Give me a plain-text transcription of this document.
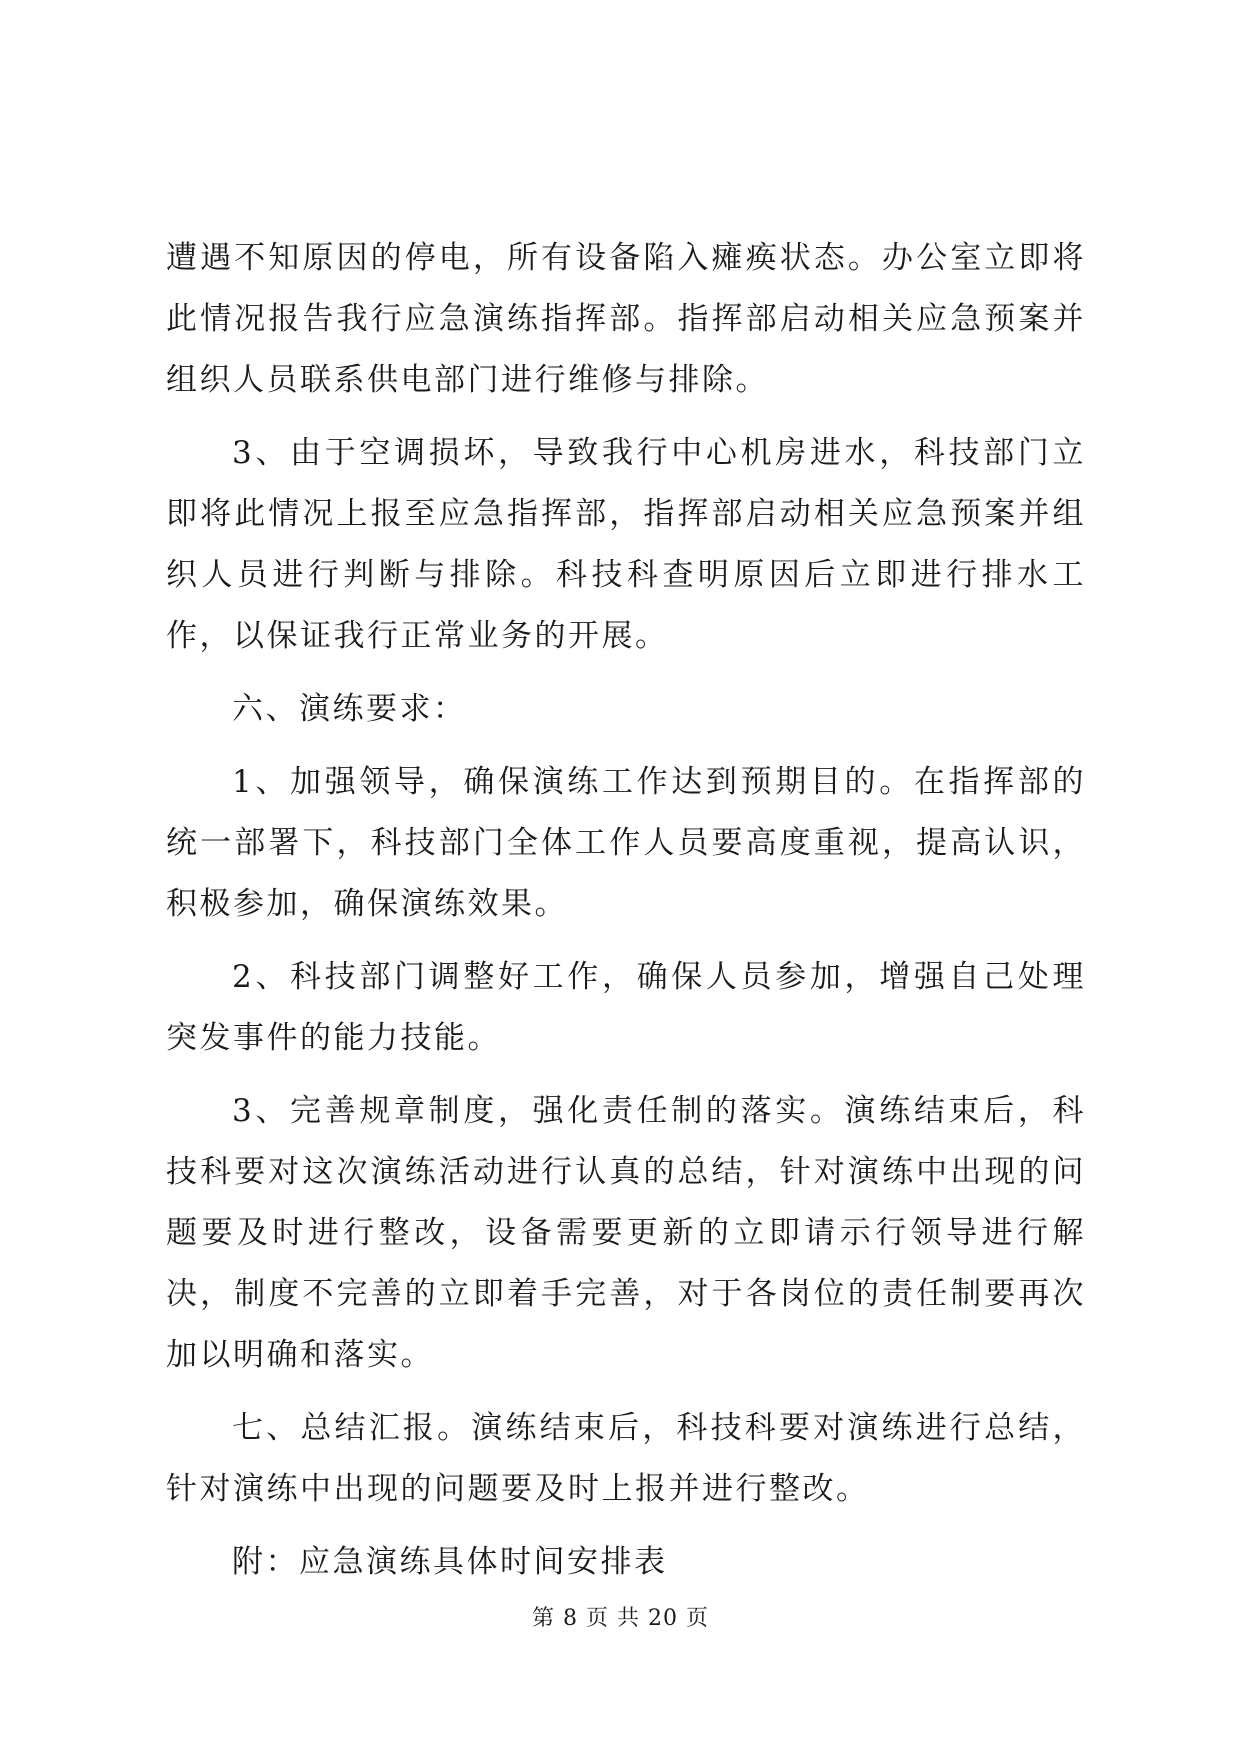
遭遇不知原因的停电，所有设备陷入瘫痪状态。办公室立即将此情况报告我行应急演练指挥部。指挥部启动相关应急预案并组织人员联系供电部门进行维修与排除。

3、由于空调损坏，导致我行中心机房进水，科技部门立即将此情况上报至应急指挥部，指挥部启动相关应急预案并组织人员进行判断与排除。科技科查明原因后立即进行排水工作，以保证我行正常业务的开展。

六、演练要求：

1、加强领导，确保演练工作达到预期目的。在指挥部的统一部署下，科技部门全体工作人员要高度重视，提高认识，积极参加，确保演练效果。

2、科技部门调整好工作，确保人员参加，增强自己处理突发事件的能力技能。

3、完善规章制度，强化责任制的落实。演练结束后，科技科要对这次演练活动进行认真的总结，针对演练中出现的问题要及时进行整改，设备需要更新的立即请示行领导进行解决，制度不完善的立即着手完善，对于各岗位的责任制要再次加以明确和落实。

七、总结汇报。演练结束后，科技科要对演练进行总结，针对演练中出现的问题要及时上报并进行整改。

附：应急演练具体时间安排表

第 8 页 共 20 页
